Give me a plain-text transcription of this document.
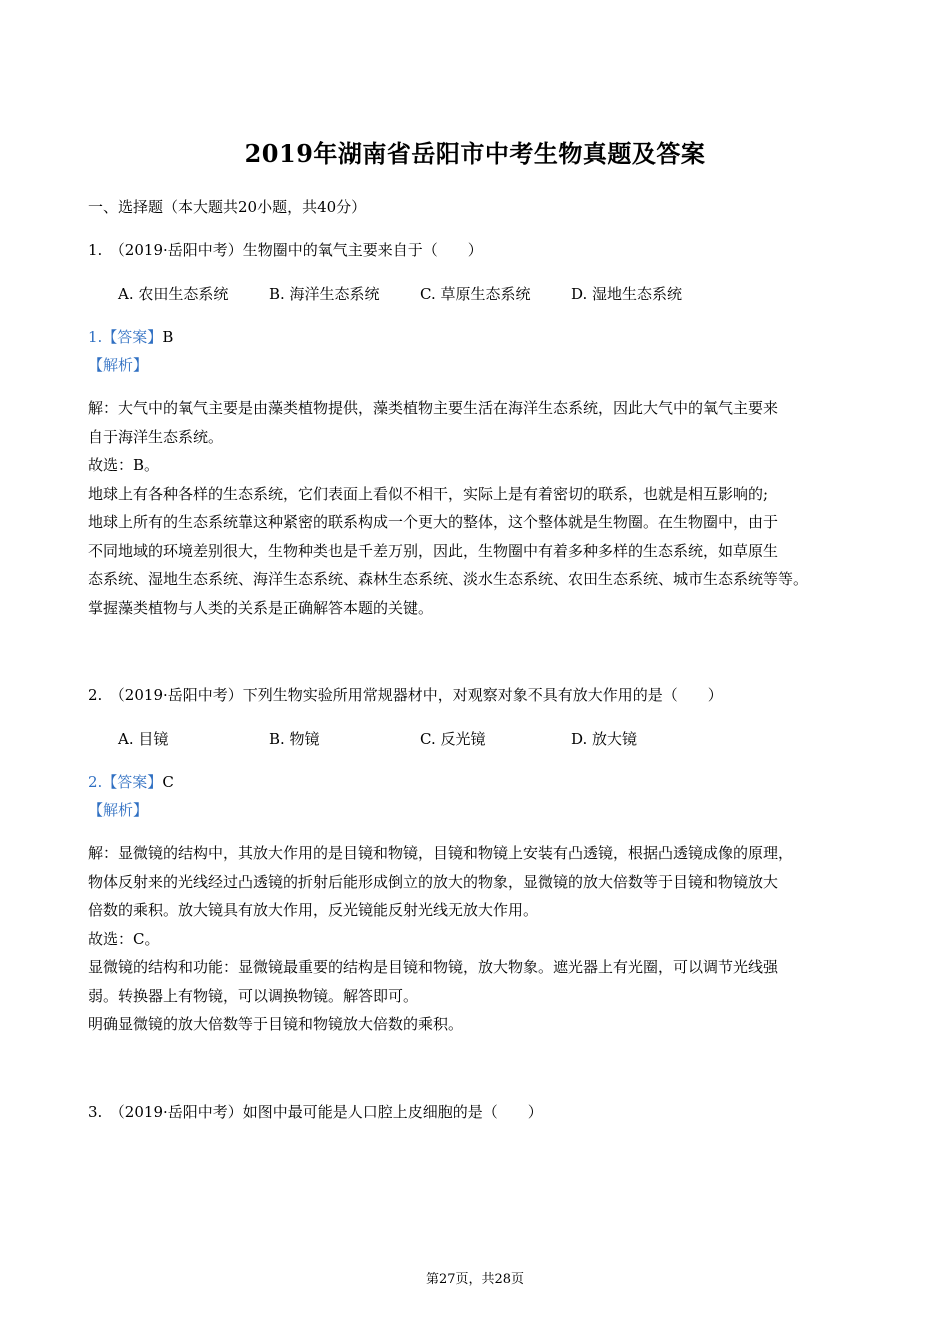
2019年湖南省岳阳市中考生物真题及答案
一、选择题（本大题共20小题，共40分）
1.　（2019·岳阳中考）生物圈中的氧气主要来自于（　　）
A. 农田生态系统	B. 海洋生态系统	C. 草原生态系统	D. 湿地生态系统
1.【答案】B
【解析】
解：大气中的氧气主要是由藻类植物提供，藻类植物主要生活在海洋生态系统，因此大气中的氧气主要来
自于海洋生态系统。
故选：B。
地球上有各种各样的生态系统，它们表面上看似不相干，实际上是有着密切的联系，也就是相互影响的;
地球上所有的生态系统靠这种紧密的联系构成一个更大的整体，这个整体就是生物圈。在生物圈中，由于
不同地域的环境差别很大，生物种类也是千差万别，因此，生物圈中有着多种多样的生态系统，如草原生
态系统、湿地生态系统、海洋生态系统、森林生态系统、淡水生态系统、农田生态系统、城市生态系统等等。
掌握藻类植物与人类的关系是正确解答本题的关键。
2.　（2019·岳阳中考）下列生物实验所用常规器材中，对观察对象不具有放大作用的是（　　）
A. 目镜	B. 物镜	C. 反光镜	D. 放大镜
2.【答案】C
【解析】
解：显微镜的结构中，其放大作用的是目镜和物镜，目镜和物镜上安装有凸透镜，根据凸透镜成像的原理，
物体反射来的光线经过凸透镜的折射后能形成倒立的放大的物象，显微镜的放大倍数等于目镜和物镜放大
倍数的乘积。放大镜具有放大作用，反光镜能反射光线无放大作用。
故选：C。
显微镜的结构和功能：显微镜最重要的结构是目镜和物镜，放大物象。遮光器上有光圈，可以调节光线强
弱。转换器上有物镜，可以调换物镜。解答即可。
明确显微镜的放大倍数等于目镜和物镜放大倍数的乘积。
3.　（2019·岳阳中考）如图中最可能是人口腔上皮细胞的是（　　）
第27页，共28页
